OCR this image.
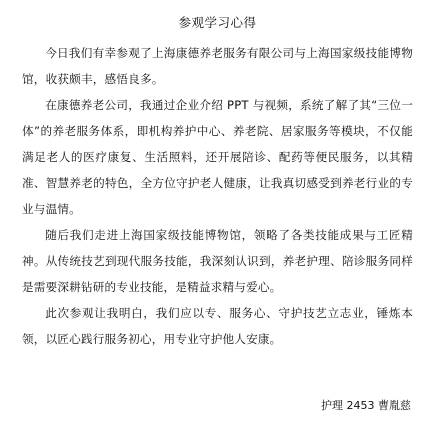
参观学习心得

今日我们有幸参观了上海康德养老服务有限公司与上海国家级技能博物馆，收获颇丰，感悟良多。

在康德养老公司，我通过企业介绍 PPT 与视频，系统了解了其“三位一体”的养老服务体系，即机构养护中心、养老院、居家服务等模块，不仅能满足老人的医疗康复、生活照料，还开展陪诊、配药等便民服务，以其精准、智慧养老的特色，全方位守护老人健康，让我真切感受到养老行业的专业与温情。

随后我们走进上海国家级技能博物馆，领略了各类技能成果与工匠精神。从传统技艺到现代服务技能，我深刻认识到，养老护理、陪诊服务同样是需要深耕钻研的专业技能，是精益求精与爱心。

此次参观让我明白，我们应以专、服务心、守护技艺立志业，锤炼本领，以匠心践行服务初心，用专业守护他人安康。

护理 2453 曹胤慈
